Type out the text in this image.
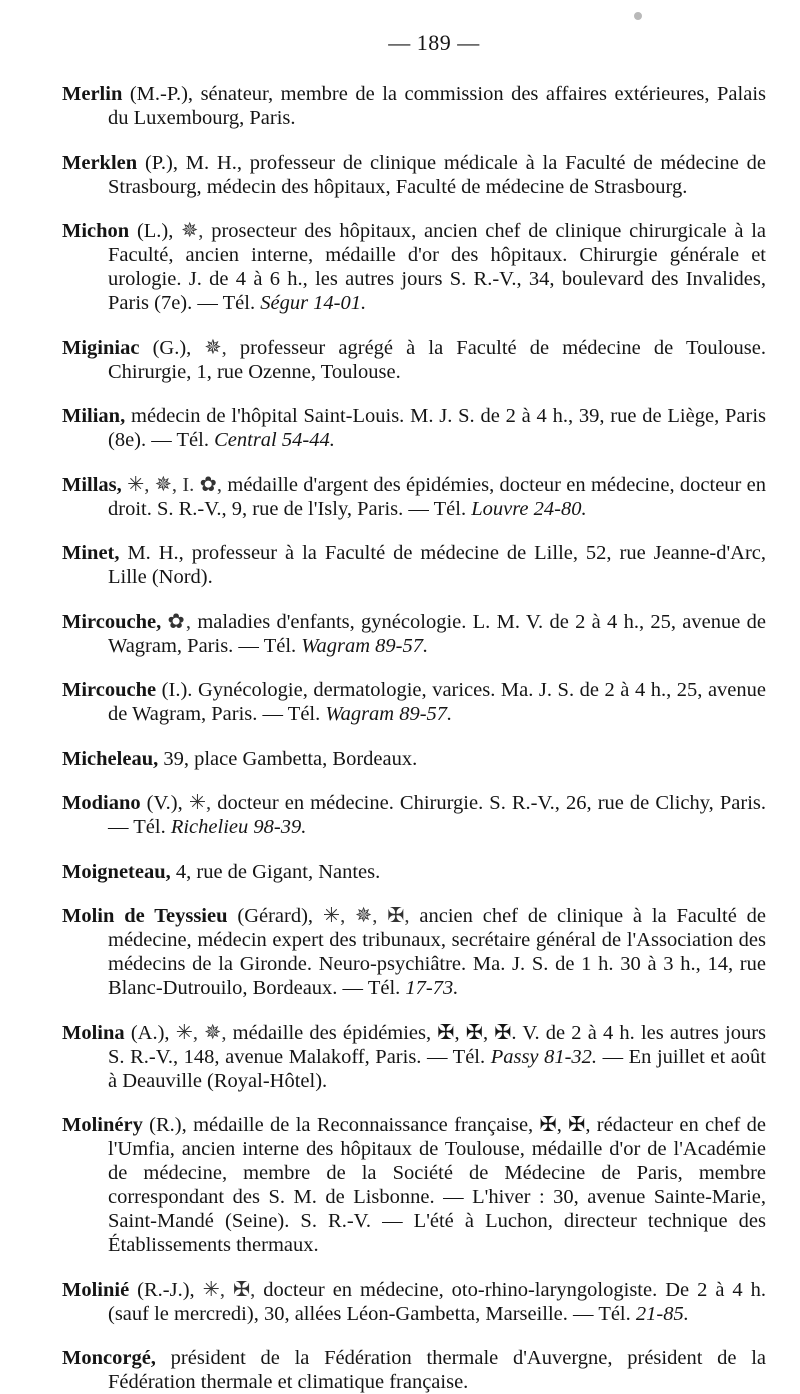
— 189 —

Merlin (M.-P.), sénateur, membre de la commission des affaires extérieures, Palais du Luxembourg, Paris.

Merklen (P.), M. H., professeur de clinique médicale à la Faculté de médecine de Strasbourg, médecin des hôpitaux, Faculté de médecine de Strasbourg.

Michon (L.), ✵, prosecteur des hôpitaux, ancien chef de clinique chirurgicale à la Faculté, ancien interne, médaille d'or des hôpitaux. Chirurgie générale et urologie. J. de 4 à 6 h., les autres jours S. R.-V., 34, boulevard des Invalides, Paris (7e). — Tél. Ségur 14-01.

Miginiac (G.), ✵, professeur agrégé à la Faculté de médecine de Toulouse. Chirurgie, 1, rue Ozenne, Toulouse.

Milian, médecin de l'hôpital Saint-Louis. M. J. S. de 2 à 4 h., 39, rue de Liège, Paris (8e). — Tél. Central 54-44.

Millas, ✳, ✵, I. ✿, médaille d'argent des épidémies, docteur en médecine, docteur en droit. S. R.-V., 9, rue de l'Isly, Paris. — Tél. Louvre 24-80.

Minet, M. H., professeur à la Faculté de médecine de Lille, 52, rue Jeanne-d'Arc, Lille (Nord).

Mircouche, ✿, maladies d'enfants, gynécologie. L. M. V. de 2 à 4 h., 25, avenue de Wagram, Paris. — Tél. Wagram 89-57.

Mircouche (I.). Gynécologie, dermatologie, varices. Ma. J. S. de 2 à 4 h., 25, avenue de Wagram, Paris. — Tél. Wagram 89-57.

Micheleau, 39, place Gambetta, Bordeaux.

Modiano (V.), ✳, docteur en médecine. Chirurgie. S. R.-V., 26, rue de Clichy, Paris. — Tél. Richelieu 98-39.

Moigneteau, 4, rue de Gigant, Nantes.

Molin de Teyssieu (Gérard), ✳, ✵, ✠, ancien chef de clinique à la Faculté de médecine, médecin expert des tribunaux, secrétaire général de l'Association des médecins de la Gironde. Neuro-psychiâtre. Ma. J. S. de 1 h. 30 à 3 h., 14, rue Blanc-Dutrouilo, Bordeaux. — Tél. 17-73.

Molina (A.), ✳, ✵, médaille des épidémies, ✠, ✠, ✠. V. de 2 à 4 h. les autres jours S. R.-V., 148, avenue Malakoff, Paris. — Tél. Passy 81-32. — En juillet et août à Deauville (Royal-Hôtel).

Molinéry (R.), médaille de la Reconnaissance française, ✠, ✠, rédacteur en chef de l'Umfia, ancien interne des hôpitaux de Toulouse, médaille d'or de l'Académie de médecine, membre de la Société de Médecine de Paris, membre correspondant des S. M. de Lisbonne. — L'hiver : 30, avenue Sainte-Marie, Saint-Mandé (Seine). S. R.-V. — L'été à Luchon, directeur technique des Établissements thermaux.

Molinié (R.-J.), ✳, ✠, docteur en médecine, oto-rhino-laryngologiste. De 2 à 4 h. (sauf le mercredi), 30, allées Léon-Gambetta, Marseille. — Tél. 21-85.

Moncorgé, président de la Fédération thermale d'Auvergne, président de la Fédération thermale et climatique française.
